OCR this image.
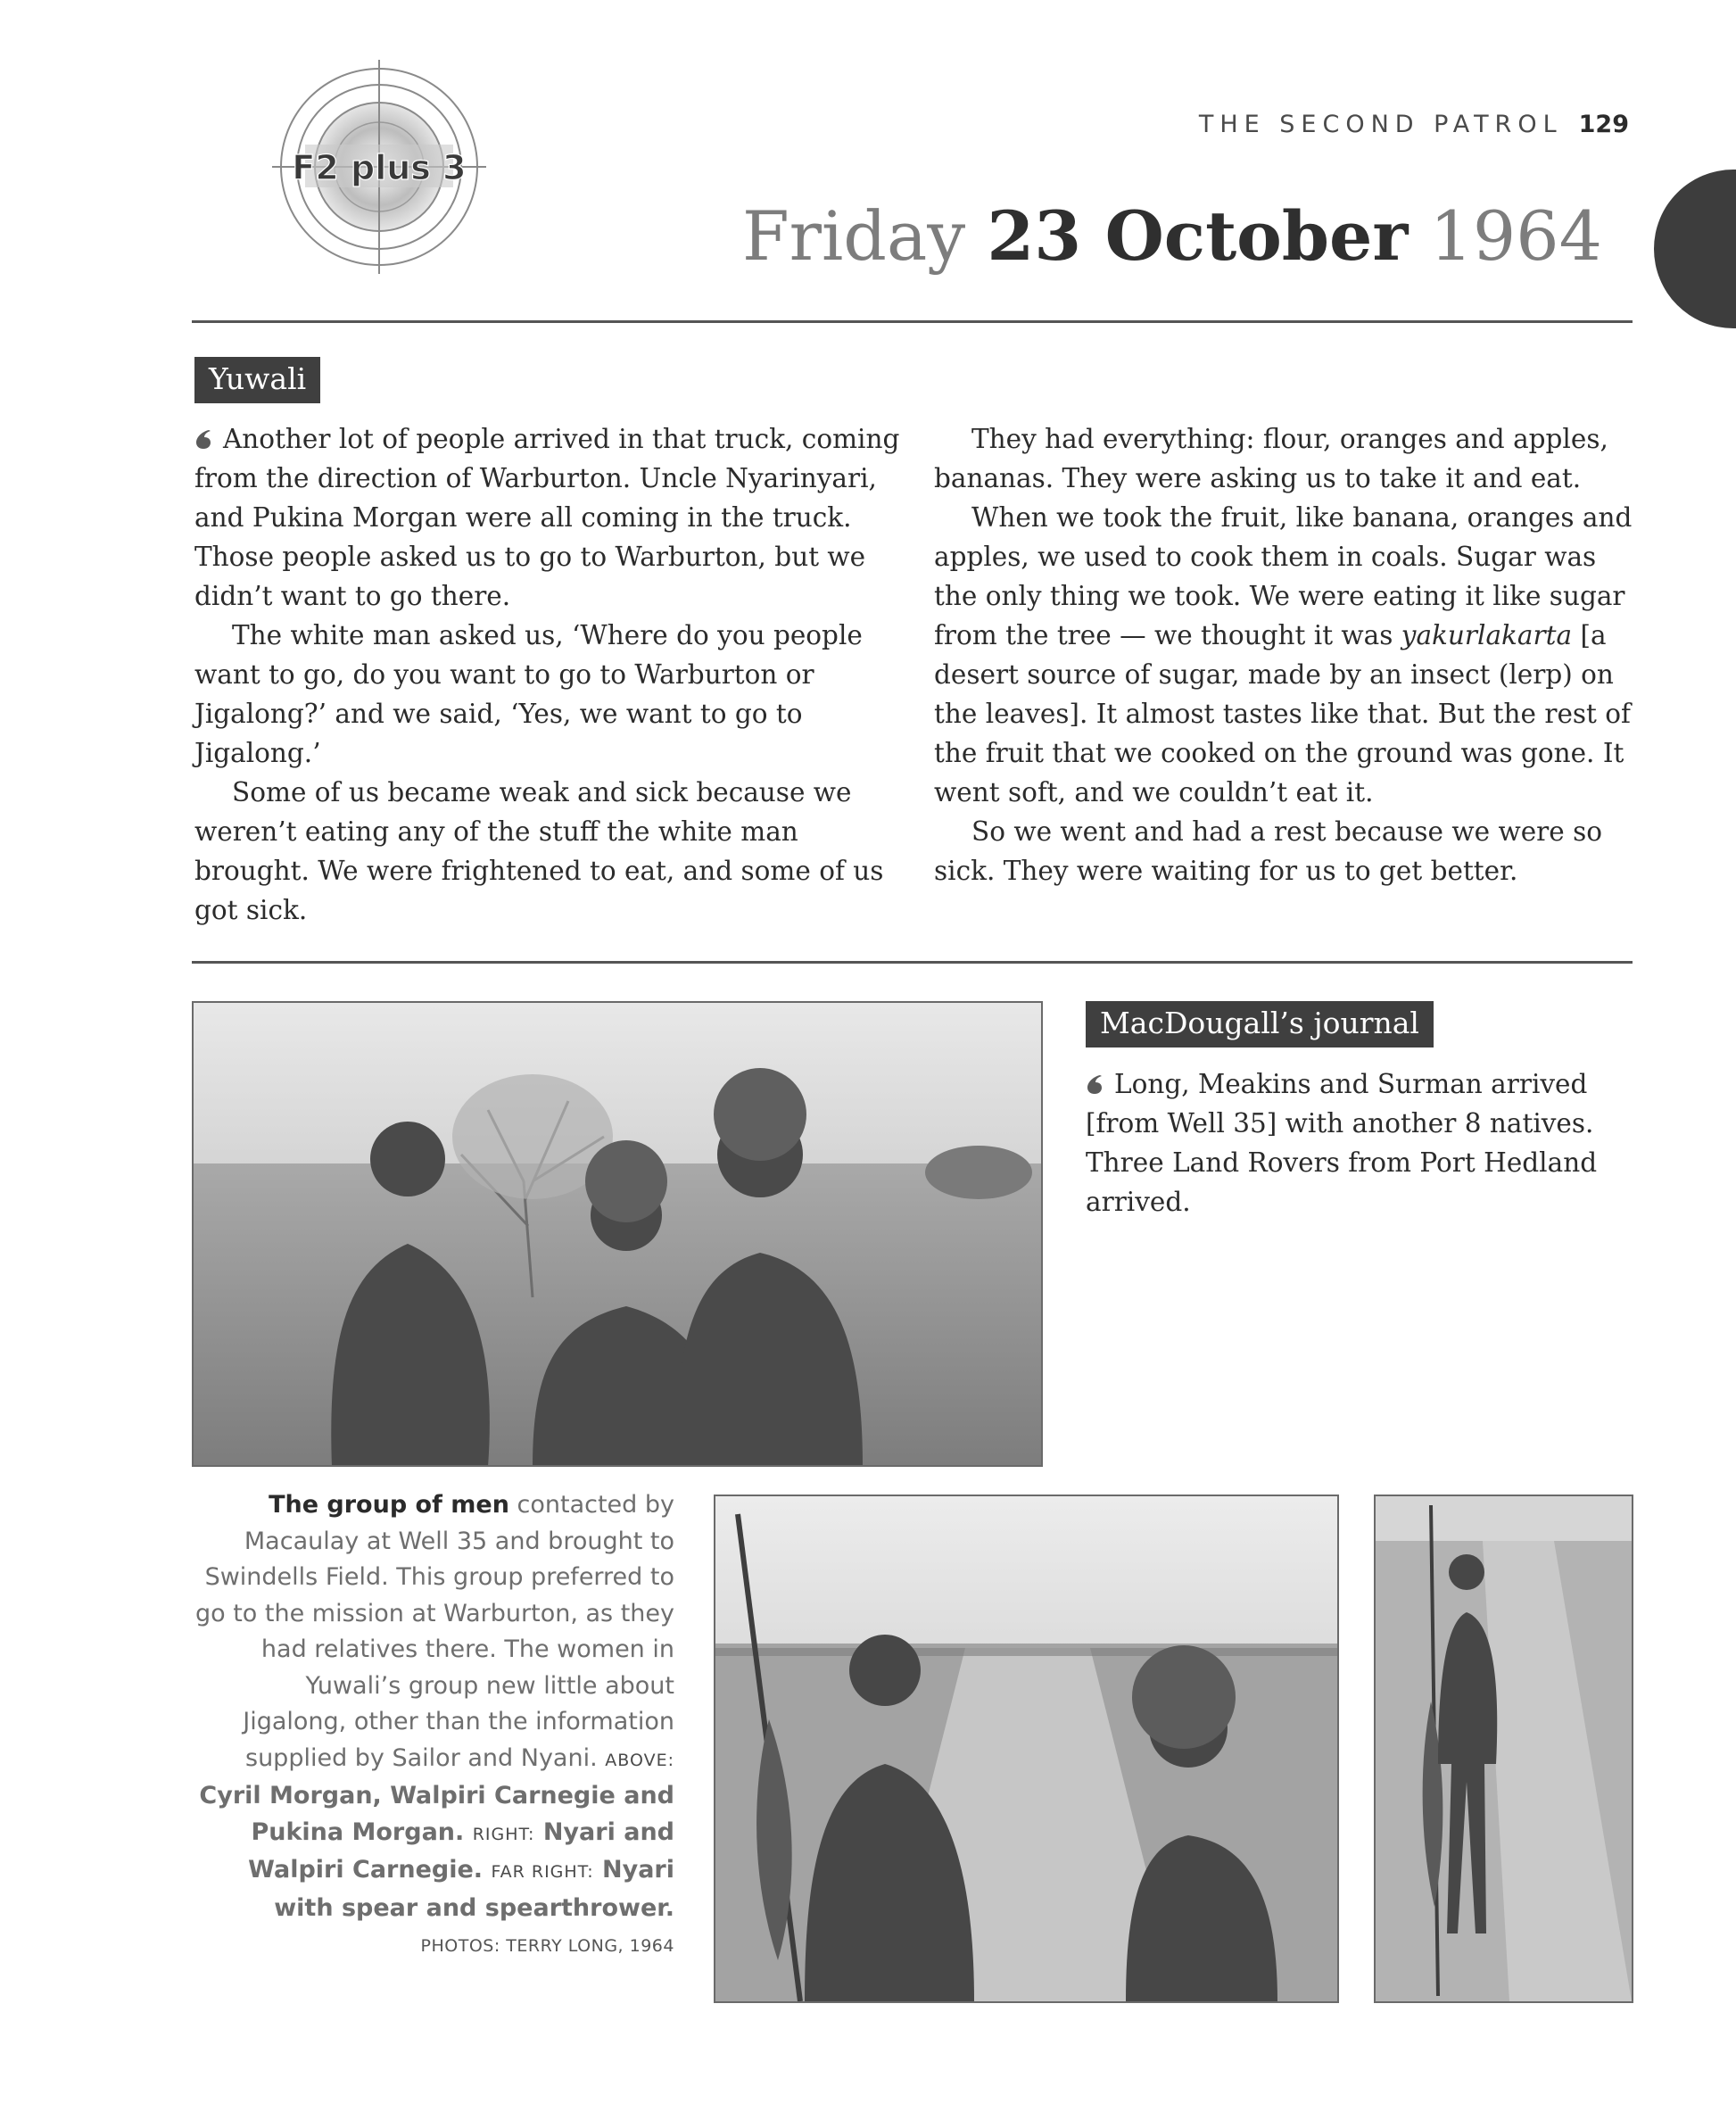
F2 plus 3
THE SECOND PATROL 129
Friday 23 October 1964
Yuwali

Another lot of people arrived in that truck, coming from the direction of Warburton. Uncle Nyarinyari, and Pukina Morgan were all coming in the truck. Those people asked us to go to Warburton, but we didn’t want to go there.

The white man asked us, ‘Where do you people want to go, do you want to go to Warburton or Jigalong?’ and we said, ‘Yes, we want to go to Jigalong.’

Some of us became weak and sick because we weren’t eating any of the stuff the white man brought. We were frightened to eat, and some of us got sick.

They had everything: flour, oranges and apples, bananas. They were asking us to take it and eat.

When we took the fruit, like banana, oranges and apples, we used to cook them in coals. Sugar was the only thing we took. We were eating it like sugar from the tree — we thought it was yakurlakarta [a desert source of sugar, made by an insect (lerp) on the leaves]. It almost tastes like that. But the rest of the fruit that we cooked on the ground was gone. It went soft, and we couldn’t eat it.

So we went and had a rest because we were so sick. They were waiting for us to get better.

MacDougall’s journal

Long, Meakins and Surman arrived [from Well 35] with another 8 natives. Three Land Rovers from Port Hedland arrived.

The group of men contacted by Macaulay at Well 35 and brought to Swindells Field. This group preferred to go to the mission at Warburton, as they had relatives there. The women in Yuwali’s group new little about Jigalong, other than the information supplied by Sailor and Nyani. ABOVE: Cyril Morgan, Walpiri Carnegie and Pukina Morgan. RIGHT: Nyari and Walpiri Carnegie. FAR RIGHT: Nyari with spear and spearthrower. PHOTOS: TERRY LONG, 1964
